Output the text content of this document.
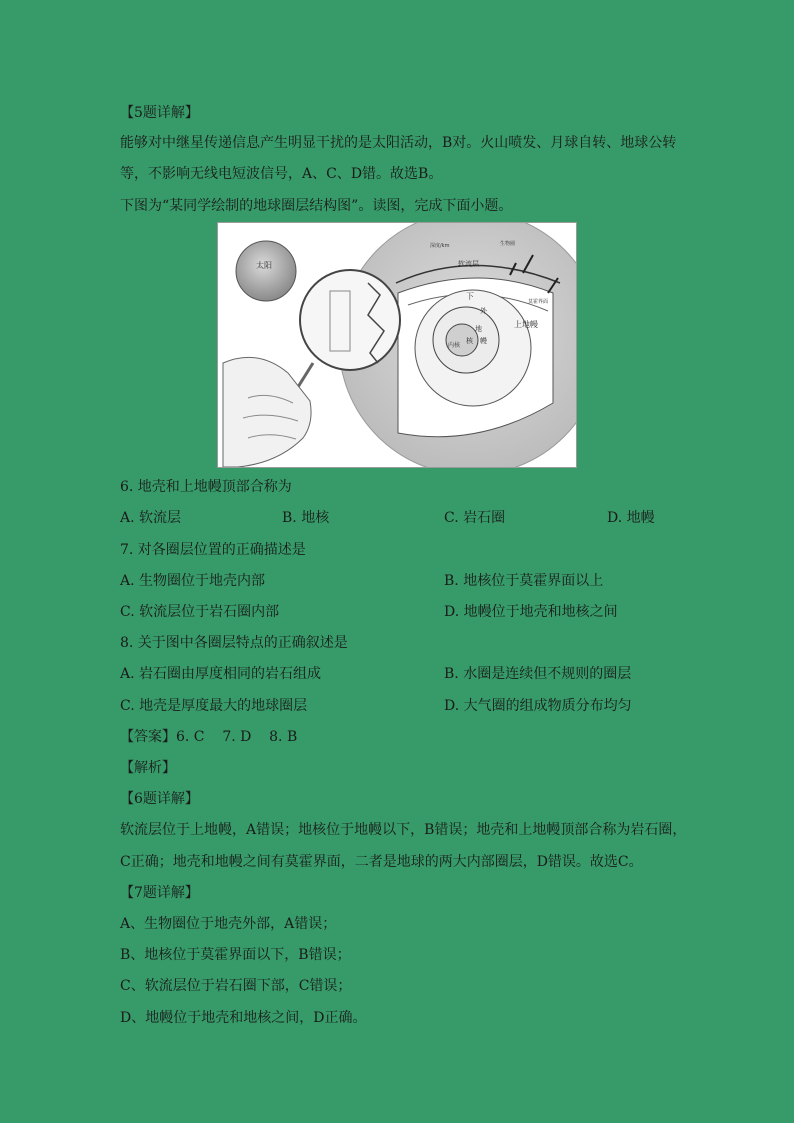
【5题详解】
能够对中继星传递信息产生明显干扰的是太阳活动，B对。火山喷发、月球自转、地球公转
等，不影响无线电短波信号，A、C、D错。故选B。
下图为“某同学绘制的地球圈层结构图”。读图，完成下面小题。
太阳
深度/km	生物圈
软流层
下
外
地
核 幔
上地幔
内核
莫霍界面
6. 地壳和上地幔顶部合称为
A. 软流层	B. 地核	C. 岩石圈	D. 地幔
7. 对各圈层位置的正确描述是
A. 生物圈位于地壳内部	B. 地核位于莫霍界面以上
C. 软流层位于岩石圈内部	D. 地幔位于地壳和地核之间
8. 关于图中各圈层特点的正确叙述是
A. 岩石圈由厚度相同的岩石组成	B. 水圈是连续但不规则的圈层
C. 地壳是厚度最大的地球圈层	D. 大气圈的组成物质分布均匀
【答案】6. C    7. D    8. B
【解析】
【6题详解】
软流层位于上地幔，A错误；地核位于地幔以下，B错误；地壳和上地幔顶部合称为岩石圈，
C正确；地壳和地幔之间有莫霍界面，二者是地球的两大内部圈层，D错误。故选C。
【7题详解】
A、生物圈位于地壳外部，A错误；
B、地核位于莫霍界面以下，B错误；
C、软流层位于岩石圈下部，C错误；
D、地幔位于地壳和地核之间，D正确。
